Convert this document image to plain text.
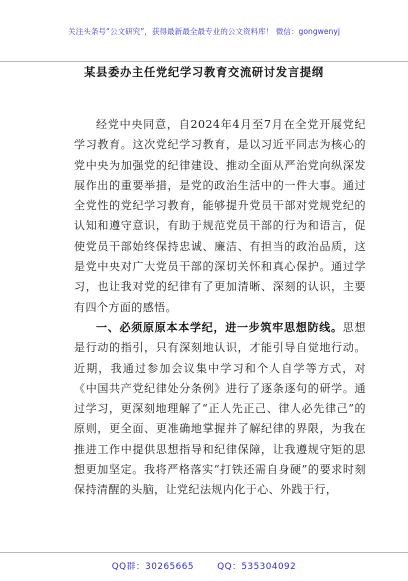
关注头条号“公文研究”，获得最新最全最专业的公文资料库！ 微信：gongwenyj
某县委办主任党纪学习教育交流研讨发言提纲

经党中央同意，自2024年4月至7月在全党开展党纪学习教育。这次党纪学习教育，是以习近平同志为核心的党中央为加强党的纪律建设、推动全面从严治党向纵深发展作出的重要举措，是党的政治生活中的一件大事。通过全党性的党纪学习教育，能够提升党员干部对党规党纪的认知和遵守意识，有助于规范党员干部的行为和语言，促使党员干部始终保持忠诚、廉洁、有担当的政治品质，这是党中央对广大党员干部的深切关怀和真心保护。通过学习，也让我对党的纪律有了更加清晰、深刻的认识，主要有四个方面的感悟。

一、必须原原本本学纪，进一步筑牢思想防线。思想是行动的指引，只有深刻地认识，才能引导自觉地行动。近期，我通过参加会议集中学习和个人自学等方式，对《中国共产党纪律处分条例》进行了逐条逐句的研学。通过学习，更深刻地理解了“正人先正己、律人必先律己”的原则，更全面、更准确地掌握并了解纪律的界限，为我在推进工作中提供思想指导和纪律保障，让我遵规守矩的思想更加坚定。我将严格落实“打铁还需自身硬”的要求时刻保持清醒的头脑，让党纪法规内化于心、外践于行，

QQ群：30265665	QQ：535304092
